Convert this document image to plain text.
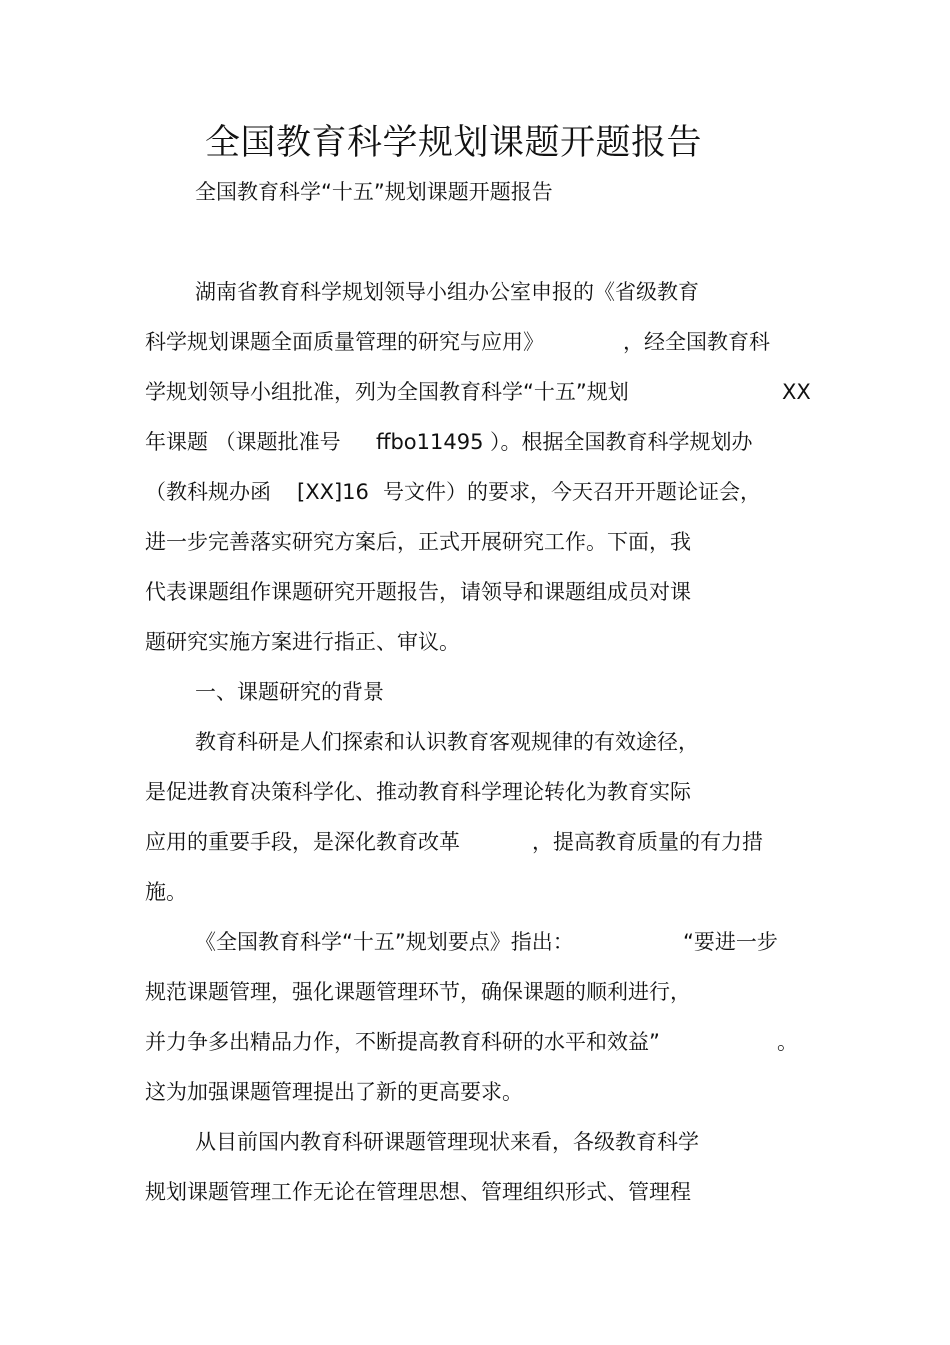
全国教育科学规划课题开题报告
全国教育科学“十五”规划课题开题报告
湖南省教育科学规划领导小组办公室申报的《省级教育
科学规划课题全面质量管理的研究与应用》	，经全国教育科
学规划领导小组批准，列为全国教育科学“十五”规划	XX
年课题 （课题批准号 ffbo11495 ）。根据全国教育科学规划办
（教科规办函 [XX]16 号文件）的要求，今天召开开题论证会，
进一步完善落实研究方案后，正式开展研究工作。下面，我
代表课题组作课题研究开题报告，请领导和课题组成员对课
题研究实施方案进行指正、审议。
一、课题研究的背景
教育科研是人们探索和认识教育客观规律的有效途径，
是促进教育决策科学化、推动教育科学理论转化为教育实际
应用的重要手段，是深化教育改革	，提高教育质量的有力措
施。
《全国教育科学“十五”规划要点》指出：	“要进一步
规范课题管理，强化课题管理环节，确保课题的顺利进行，
并力争多出精品力作，不断提高教育科研的水平和效益”	。
这为加强课题管理提出了新的更高要求。
从目前国内教育科研课题管理现状来看，各级教育科学
规划课题管理工作无论在管理思想、管理组织形式、管理程
